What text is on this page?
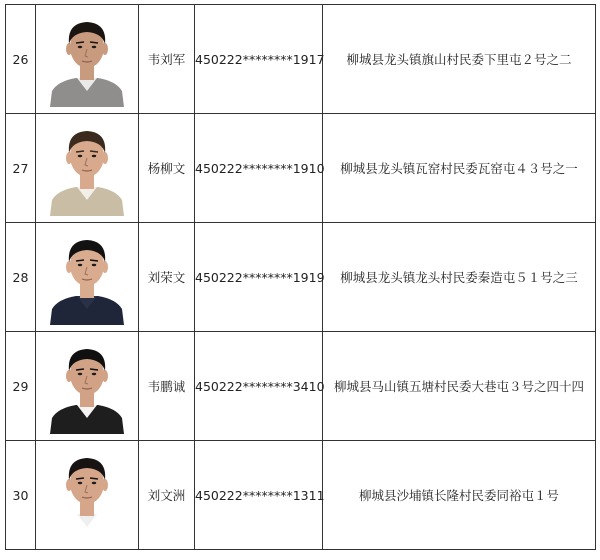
26		韦刘军	450222********1917	柳城县龙头镇旗山村民委下里屯２号之二
27		杨柳文	450222********1910	柳城县龙头镇瓦窑村民委瓦窑屯４３号之一
28		刘荣文	450222********1919	柳城县龙头镇龙头村民委秦造屯５１号之三
29		韦鹏诚	450222********3410	柳城县马山镇五塘村民委大巷屯３号之四十四
30		刘文洲	450222********1311	柳城县沙埔镇长隆村民委同裕屯１号
